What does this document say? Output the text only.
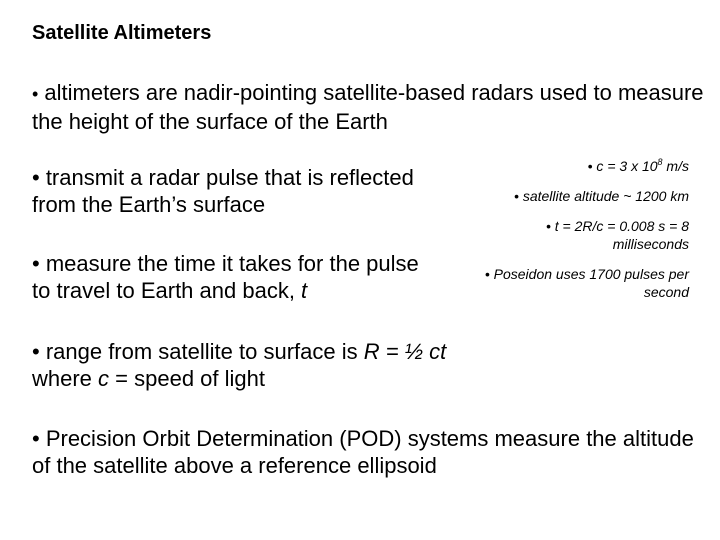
Satellite Altimeters
• altimeters are nadir-pointing satellite-based radars used to measure the height of the surface of the Earth
• transmit a radar pulse that is reflected from the Earth’s surface
• measure the time it takes for the pulse to travel to Earth and back, t
• range from satellite to surface is R = ½ ct
where c = speed of light
• Precision Orbit Determination (POD) systems measure the altitude of the satellite above a reference ellipsoid
• c = 3 x $10^8$ m/s
• satellite altitude ~ 1200 km
• t = 2R/c = 0.008 s = 8 milliseconds
• Poseidon uses 1700 pulses per second
